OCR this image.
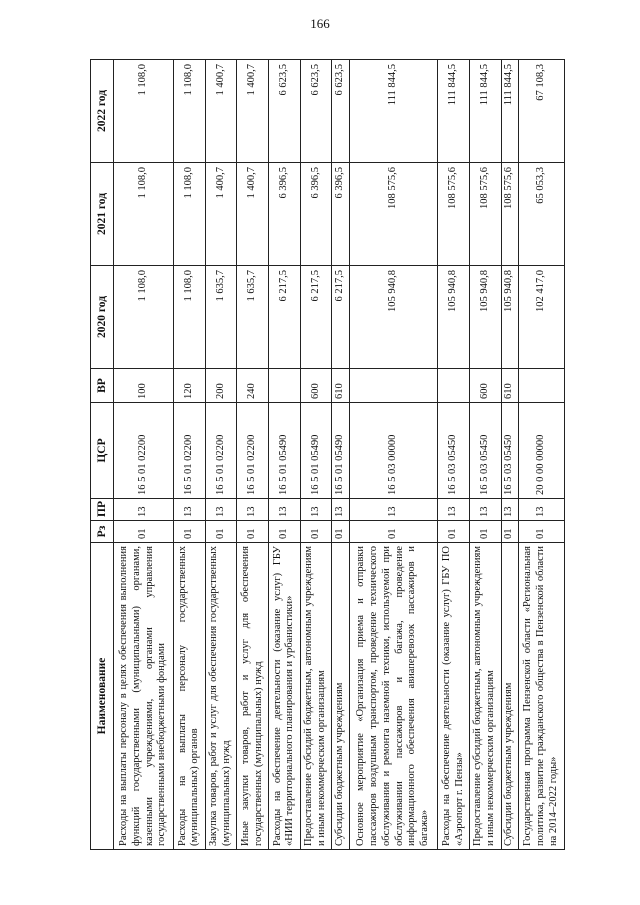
166
Наименование	Рз	ПР	ЦСР	ВР	2020 год	2021 год	2022 год
Расходы на выплаты персоналу в целях обеспечения выполнения функций государственными (муниципальными) органами, казенными учреждениями, органами управления государственными внебюджетными фондами	01	13	16 5 01 02200	100	1 108,0	1 108,0	1 108,0
Расходы на выплаты персоналу государственных (муниципальных) органов	01	13	16 5 01 02200	120	1 108,0	1 108,0	1 108,0
Закупка товаров, работ и услуг для обеспечения государственных (муниципальных) нужд	01	13	16 5 01 02200	200	1 635,7	1 400,7	1 400,7
Иные закупки товаров, работ и услуг для обеспечения государственных (муниципальных) нужд	01	13	16 5 01 02200	240	1 635,7	1 400,7	1 400,7
Расходы на обеспечение деятельности (оказание услуг) ГБУ «НИИ территориального планирования и урбанистики»	01	13	16 5 01 05490		6 217,5	6 396,5	6 623,5
Предоставление субсидий бюджетным, автономным учреждениям и иным некоммерческим организациям	01	13	16 5 01 05490	600	6 217,5	6 396,5	6 623,5
Субсидии бюджетным учреждениям	01	13	16 5 01 05490	610	6 217,5	6 396,5	6 623,5
Основное мероприятие «Организация приема и отправки пассажиров воздушным транспортом, проведение технического обслуживания и ремонта наземной техники, используемой при обслуживании пассажиров и багажа, проведение информационного обеспечения авиаперевозок пассажиров и багажа»	01	13	16 5 03 00000		105 940,8	108 575,6	111 844,5
Расходы на обеспечение деятельности (оказание услуг) ГБУ ПО «Аэропорт г. Пензы»	01	13	16 5 03 05450		105 940,8	108 575,6	111 844,5
Предоставление субсидий бюджетным, автономным учреждениям и иным некоммерческим организациям	01	13	16 5 03 05450	600	105 940,8	108 575,6	111 844,5
Субсидии бюджетным учреждениям	01	13	16 5 03 05450	610	105 940,8	108 575,6	111 844,5
Государственная программа Пензенской области «Региональная политика, развитие гражданского общества в Пензенской области на 2014–2022 годы»	01	13	20 0 00 00000		102 417,0	65 053,3	67 108,3
